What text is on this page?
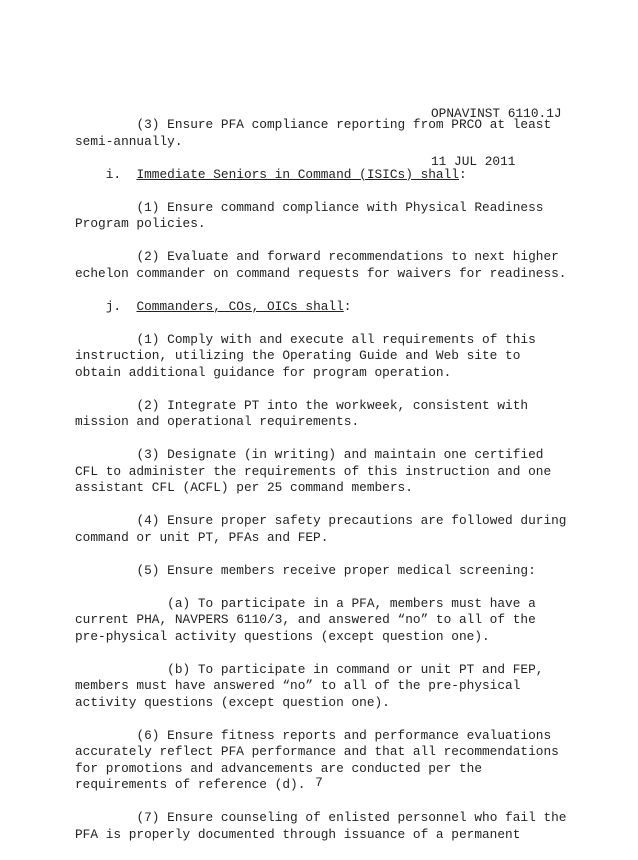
OPNAVINST 6110.1J

11 JUL 2011

(3) Ensure PFA compliance reporting from PRCO at least
semi-annually.

i.  Immediate Seniors in Command (ISICs) shall:

(1) Ensure command compliance with Physical Readiness
Program policies.

(2) Evaluate and forward recommendations to next higher
echelon commander on command requests for waivers for readiness.

j.  Commanders, COs, OICs shall:

(1) Comply with and execute all requirements of this
instruction, utilizing the Operating Guide and Web site to
obtain additional guidance for program operation.

(2) Integrate PT into the workweek, consistent with
mission and operational requirements.

(3) Designate (in writing) and maintain one certified
CFL to administer the requirements of this instruction and one
assistant CFL (ACFL) per 25 command members.

(4) Ensure proper safety precautions are followed during
command or unit PT, PFAs and FEP.

(5) Ensure members receive proper medical screening:

(a) To participate in a PFA, members must have a
current PHA, NAVPERS 6110/3, and answered “no” to all of the
pre-physical activity questions (except question one).

(b) To participate in command or unit PT and FEP,
members must have answered “no” to all of the pre-physical
activity questions (except question one).

(6) Ensure fitness reports and performance evaluations
accurately reflect PFA performance and that all recommendations
for promotions and advancements are conducted per the
requirements of reference (d).

(7) Ensure counseling of enlisted personnel who fail the
PFA is properly documented through issuance of a permanent

7
